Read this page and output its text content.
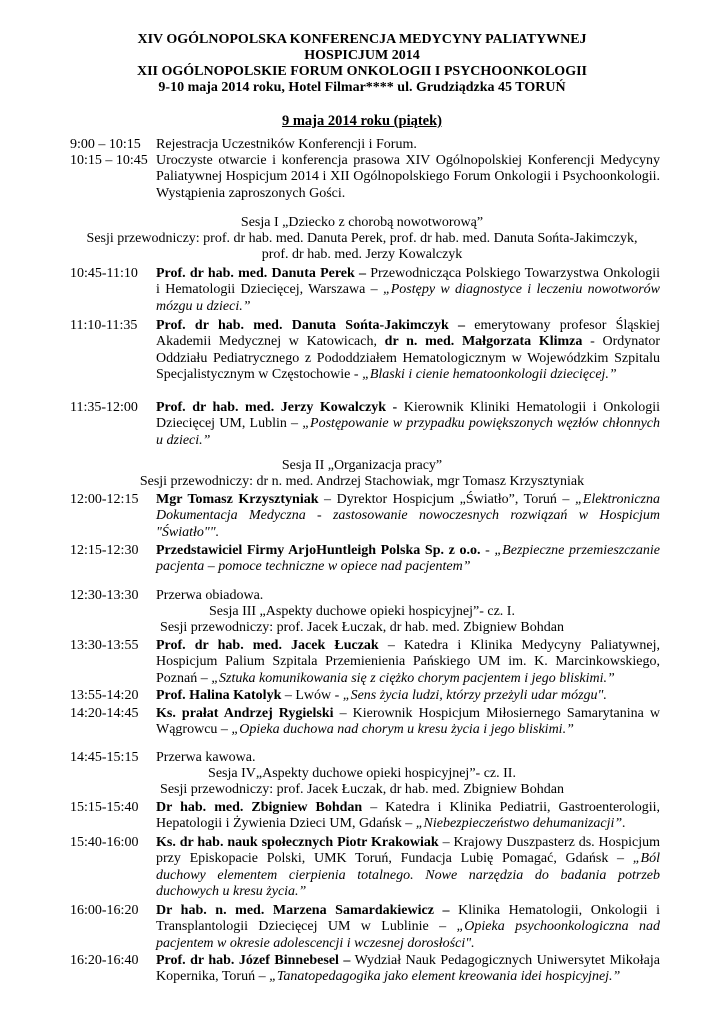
XIV OGÓLNOPOLSKA KONFERENCJA MEDYCYNY PALIATYWNEJ
HOSPICJUM 2014
XII OGÓLNOPOLSKIE FORUM ONKOLOGII I PSYCHOONKOLOGII
9-10 maja 2014 roku, Hotel Filmar**** ul. Grudziądzka 45 TORUŃ
9 maja 2014 roku (piątek)
9:00 – 10:15 Rejestracja Uczestników Konferencji i Forum.
10:15 – 10:45 Uroczyste otwarcie i konferencja prasowa XIV Ogólnopolskiej Konferencji Medycyny Paliatywnej Hospicjum 2014 i XII Ogólnopolskiego Forum Onkologii i Psychoonkologii. Wystąpienia zaproszonych Gości.
Sesja I „Dziecko z chorobą nowotworową”
Sesji przewodniczy: prof. dr hab. med. Danuta Perek, prof. dr hab. med. Danuta Sońta-Jakimczyk,
prof. dr hab. med. Jerzy Kowalczyk
10:45-11:10 Prof. dr hab. med. Danuta Perek – Przewodnicząca Polskiego Towarzystwa Onkologii i Hematologii Dziecięcej, Warszawa – „Postępy w diagnostyce i leczeniu nowotworów mózgu u dzieci.”
11:10-11:35 Prof. dr hab. med. Danuta Sońta-Jakimczyk – emerytowany profesor Śląskiej Akademii Medycznej w Katowicach, dr n. med. Małgorzata Klimza - Ordynator Oddziału Pediatrycznego z Pododdziałem Hematologicznym w Wojewódzkim Szpitalu Specjalistycznym w Częstochowie - „Blaski i cienie hematoonkologii dziecięcej.”
11:35-12:00 Prof. dr hab. med. Jerzy Kowalczyk - Kierownik Kliniki Hematologii i Onkologii Dziecięcej UM, Lublin – „Postępowanie w przypadku powiększonych węzłów chłonnych u dzieci.”
Sesja II „Organizacja pracy”
Sesji przewodniczy: dr n. med. Andrzej Stachowiak, mgr Tomasz Krzysztyniak
12:00-12:15 Mgr Tomasz Krzysztyniak – Dyrektor Hospicjum „Światło”, Toruń – „Elektroniczna Dokumentacja Medyczna - zastosowanie nowoczesnych rozwiązań w Hospicjum "Światło"".
12:15-12:30 Przedstawiciel Firmy ArjoHuntleigh Polska Sp. z o.o. - „Bezpieczne przemieszczanie pacjenta – pomoce techniczne w opiece nad pacjentem”
12:30-13:30 Przerwa obiadowa.
Sesja III „Aspekty duchowe opieki hospicyjnej”- cz. I.
Sesji przewodniczy: prof. Jacek Łuczak, dr hab. med. Zbigniew Bohdan
13:30-13:55 Prof. dr hab. med. Jacek Łuczak – Katedra i Klinika Medycyny Paliatywnej, Hospicjum Palium Szpitala Przemienienia Pańskiego UM im. K. Marcinkowskiego, Poznań – „Sztuka komunikowania się z ciężko chorym pacjentem i jego bliskimi.”
13:55-14:20 Prof. Halina Katolyk – Lwów - „Sens życia ludzi, którzy przeżyli udar mózgu".
14:20-14:45 Ks. prałat Andrzej Rygielski – Kierownik Hospicjum Miłosiernego Samarytanina w Wągrowcu – „Opieka duchowa nad chorym u kresu życia i jego bliskimi.”
14:45-15:15 Przerwa kawowa.
Sesja IV„Aspekty duchowe opieki hospicyjnej”- cz. II.
Sesji przewodniczy: prof. Jacek Łuczak, dr hab. med. Zbigniew Bohdan
15:15-15:40 Dr hab. med. Zbigniew Bohdan – Katedra i Klinika Pediatrii, Gastroenterologii, Hepatologii i Żywienia Dzieci UM, Gdańsk – „Niebezpieczeństwo dehumanizacji”.
15:40-16:00 Ks. dr hab. nauk społecznych Piotr Krakowiak – Krajowy Duszpasterz ds. Hospicjum przy Episkopacie Polski, UMK Toruń, Fundacja Lubię Pomagać, Gdańsk – „Ból duchowy elementem cierpienia totalnego. Nowe narzędzia do badania potrzeb duchowych u kresu życia.”
16:00-16:20 Dr hab. n. med. Marzena Samardakiewicz – Klinika Hematologii, Onkologii i Transplantologii Dziecięcej UM w Lublinie – „Opieka psychoonkologiczna nad pacjentem w okresie adolescencji i wczesnej dorosłości".
16:20-16:40 Prof. dr hab. Józef Binnebesel – Wydział Nauk Pedagogicznych Uniwersytet Mikołaja Kopernika, Toruń – „Tanatopedagogika jako element kreowania idei hospicyjnej.”
